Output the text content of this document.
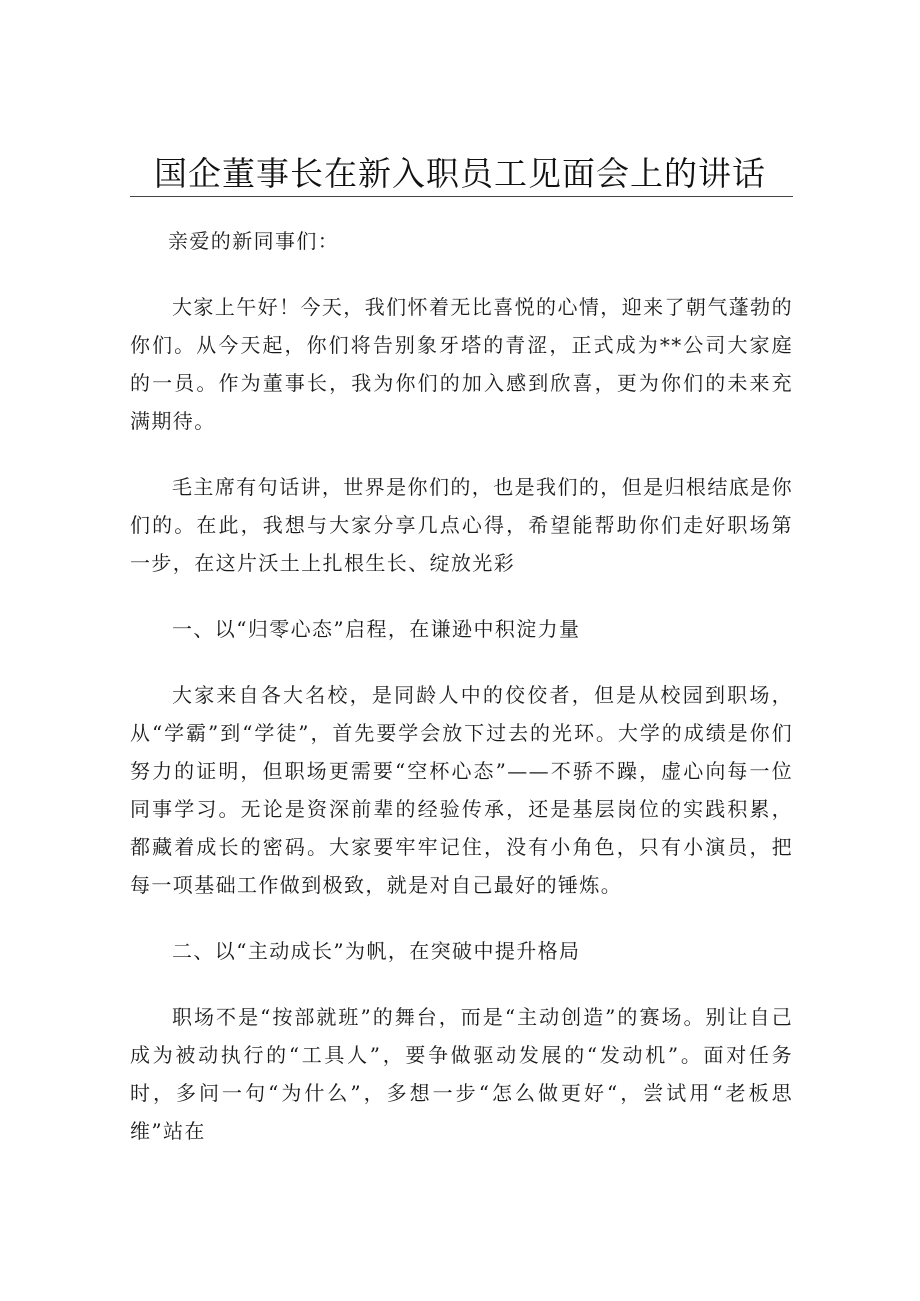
国企董事长在新入职员工见面会上的讲话

亲爱的新同事们：

大家上午好！今天，我们怀着无比喜悦的心情，迎来了朝气蓬勃的你们。从今天起，你们将告别象牙塔的青涩，正式成为**公司大家庭的一员。作为董事长，我为你们的加入感到欣喜，更为你们的未来充满期待。

毛主席有句话讲，世界是你们的，也是我们的，但是归根结底是你们的。在此，我想与大家分享几点心得，希望能帮助你们走好职场第一步，在这片沃土上扎根生长、绽放光彩

一、以“归零心态”启程，在谦逊中积淀力量

大家来自各大名校，是同龄人中的佼佼者，但是从校园到职场，从“学霸”到“学徒”，首先要学会放下过去的光环。大学的成绩是你们努力的证明，但职场更需要“空杯心态”——不骄不躁，虚心向每一位同事学习。无论是资深前辈的经验传承，还是基层岗位的实践积累，都藏着成长的密码。大家要牢牢记住，没有小角色，只有小演员，把每一项基础工作做到极致，就是对自己最好的锤炼。

二、以“主动成长”为帆，在突破中提升格局

职场不是“按部就班”的舞台，而是“主动创造”的赛场。别让自己成为被动执行的“工具人”，要争做驱动发展的“发动机”。面对任务时，多问一句“为什么”，多想一步“怎么做更好“，尝试用“老板思维”站在
